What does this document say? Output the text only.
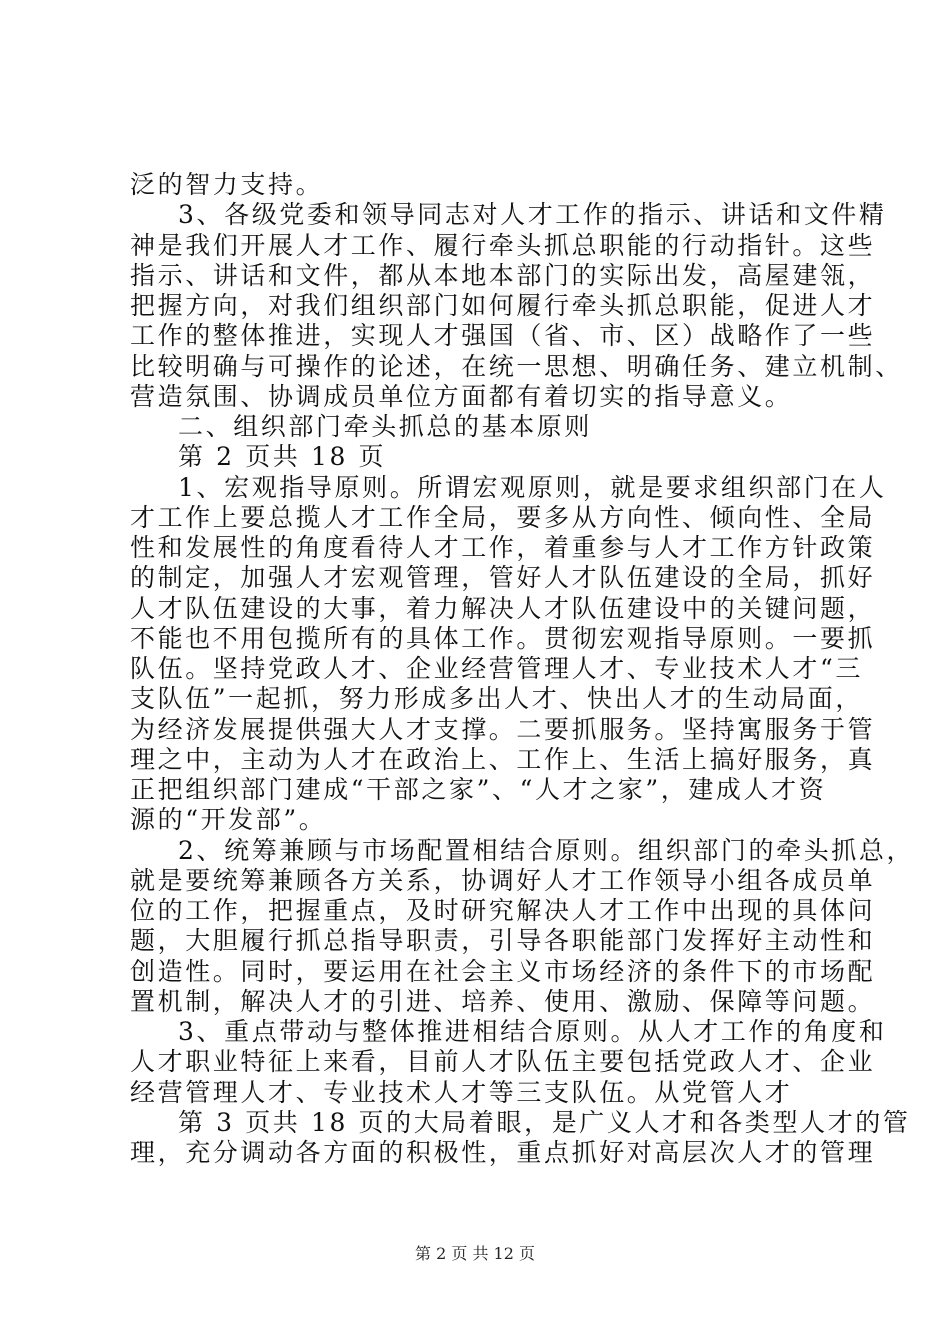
泛的智力支持。
3、各级党委和领导同志对人才工作的指示、讲话和文件精
神是我们开展人才工作、履行牵头抓总职能的行动指针。这些
指示、讲话和文件，都从本地本部门的实际出发，高屋建瓴，
把握方向，对我们组织部门如何履行牵头抓总职能，促进人才
工作的整体推进，实现人才强国（省、市、区）战略作了一些
比较明确与可操作的论述，在统一思想、明确任务、建立机制、
营造氛围、协调成员单位方面都有着切实的指导意义。
二、组织部门牵头抓总的基本原则
第 2 页共 18 页
1、宏观指导原则。所谓宏观原则，就是要求组织部门在人
才工作上要总揽人才工作全局，要多从方向性、倾向性、全局
性和发展性的角度看待人才工作，着重参与人才工作方针政策
的制定，加强人才宏观管理，管好人才队伍建设的全局，抓好
人才队伍建设的大事，着力解决人才队伍建设中的关键问题，
不能也不用包揽所有的具体工作。贯彻宏观指导原则。一要抓
队伍。坚持党政人才、企业经营管理人才、专业技术人才“三
支队伍”一起抓，努力形成多出人才、快出人才的生动局面，
为经济发展提供强大人才支撑。二要抓服务。坚持寓服务于管
理之中，主动为人才在政治上、工作上、生活上搞好服务，真
正把组织部门建成“干部之家”、“人才之家”，建成人才资
源的“开发部”。
2、统筹兼顾与市场配置相结合原则。组织部门的牵头抓总，
就是要统筹兼顾各方关系，协调好人才工作领导小组各成员单
位的工作，把握重点，及时研究解决人才工作中出现的具体问
题，大胆履行抓总指导职责，引导各职能部门发挥好主动性和
创造性。同时，要运用在社会主义市场经济的条件下的市场配
置机制，解决人才的引进、培养、使用、激励、保障等问题。
3、重点带动与整体推进相结合原则。从人才工作的角度和
人才职业特征上来看，目前人才队伍主要包括党政人才、企业
经营管理人才、专业技术人才等三支队伍。从党管人才
第 3 页共 18 页的大局着眼，是广义人才和各类型人才的管
理，充分调动各方面的积极性，重点抓好对高层次人才的管理
第 2 页 共 12 页
